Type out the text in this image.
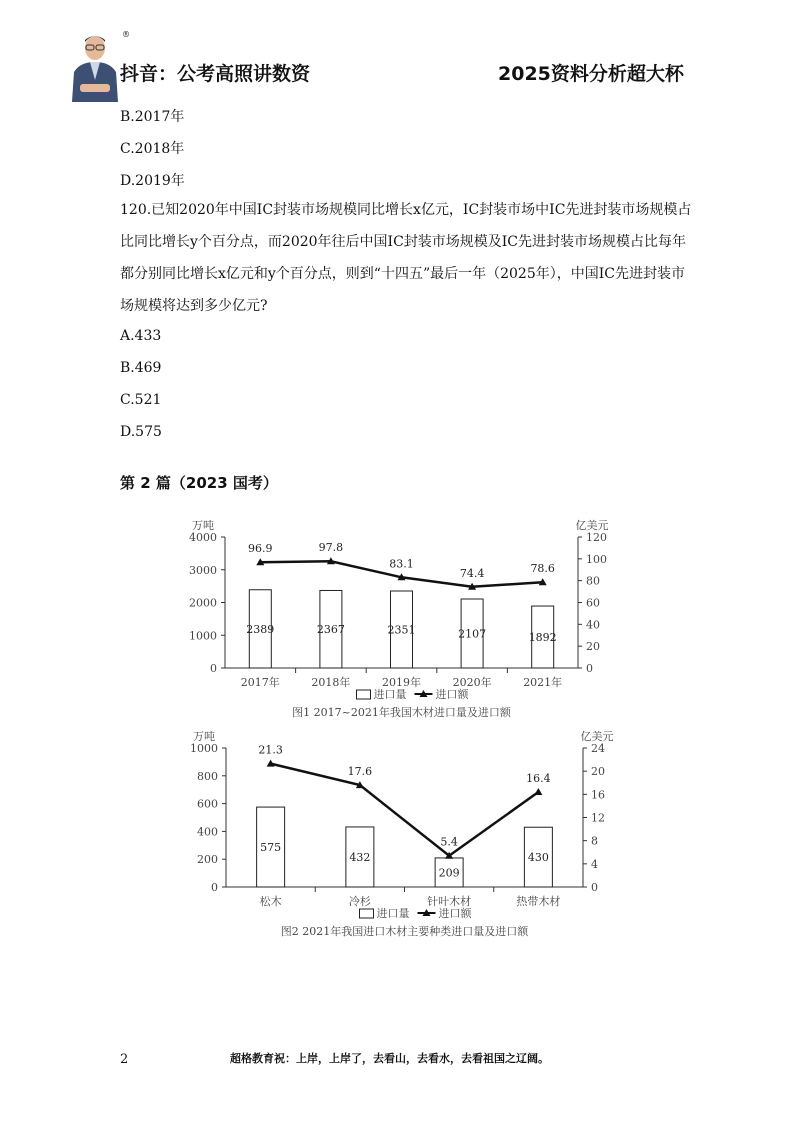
®
抖音：公考高照讲数资	2025资料分析超大杯
B.2017年
C.2018年
D.2019年
120.已知2020年中国IC封装市场规模同比增长x亿元，IC封装市场中IC先进封装市场规模占比同比增长y个百分点，而2020年往后中国IC封装市场规模及IC先进封装市场规模占比每年都分别同比增长x亿元和y个百分点，则到“十四五”最后一年（2025年），中国IC先进封装市场规模将达到多少亿元?
A.433
B.469
C.521
D.575
第 2 篇（2023 国考）
0
1000
2000
3000
4000
0
20
40
60
80
100
120
万吨	亿美元
2017年	2018年	2019年	2020年	2021年
2389	2367	2351	2107	1892
96.9	97.8
83.1
74.4	78.6
进口量	进口额
图1 2017~2021年我国木材进口量及进口额
0
200
400
600
800
1000
0
4
8
12
16
20
24
万吨	亿美元
松木	冷杉	针叶木材	热带木材
575
432
209
430
21.3
17.6
5.4
16.4
进口量	进口额
图2 2021年我国进口木材主要种类进口量及进口额
2	超格教育祝：上岸，上岸了，去看山，去看水，去看祖国之辽阔。
